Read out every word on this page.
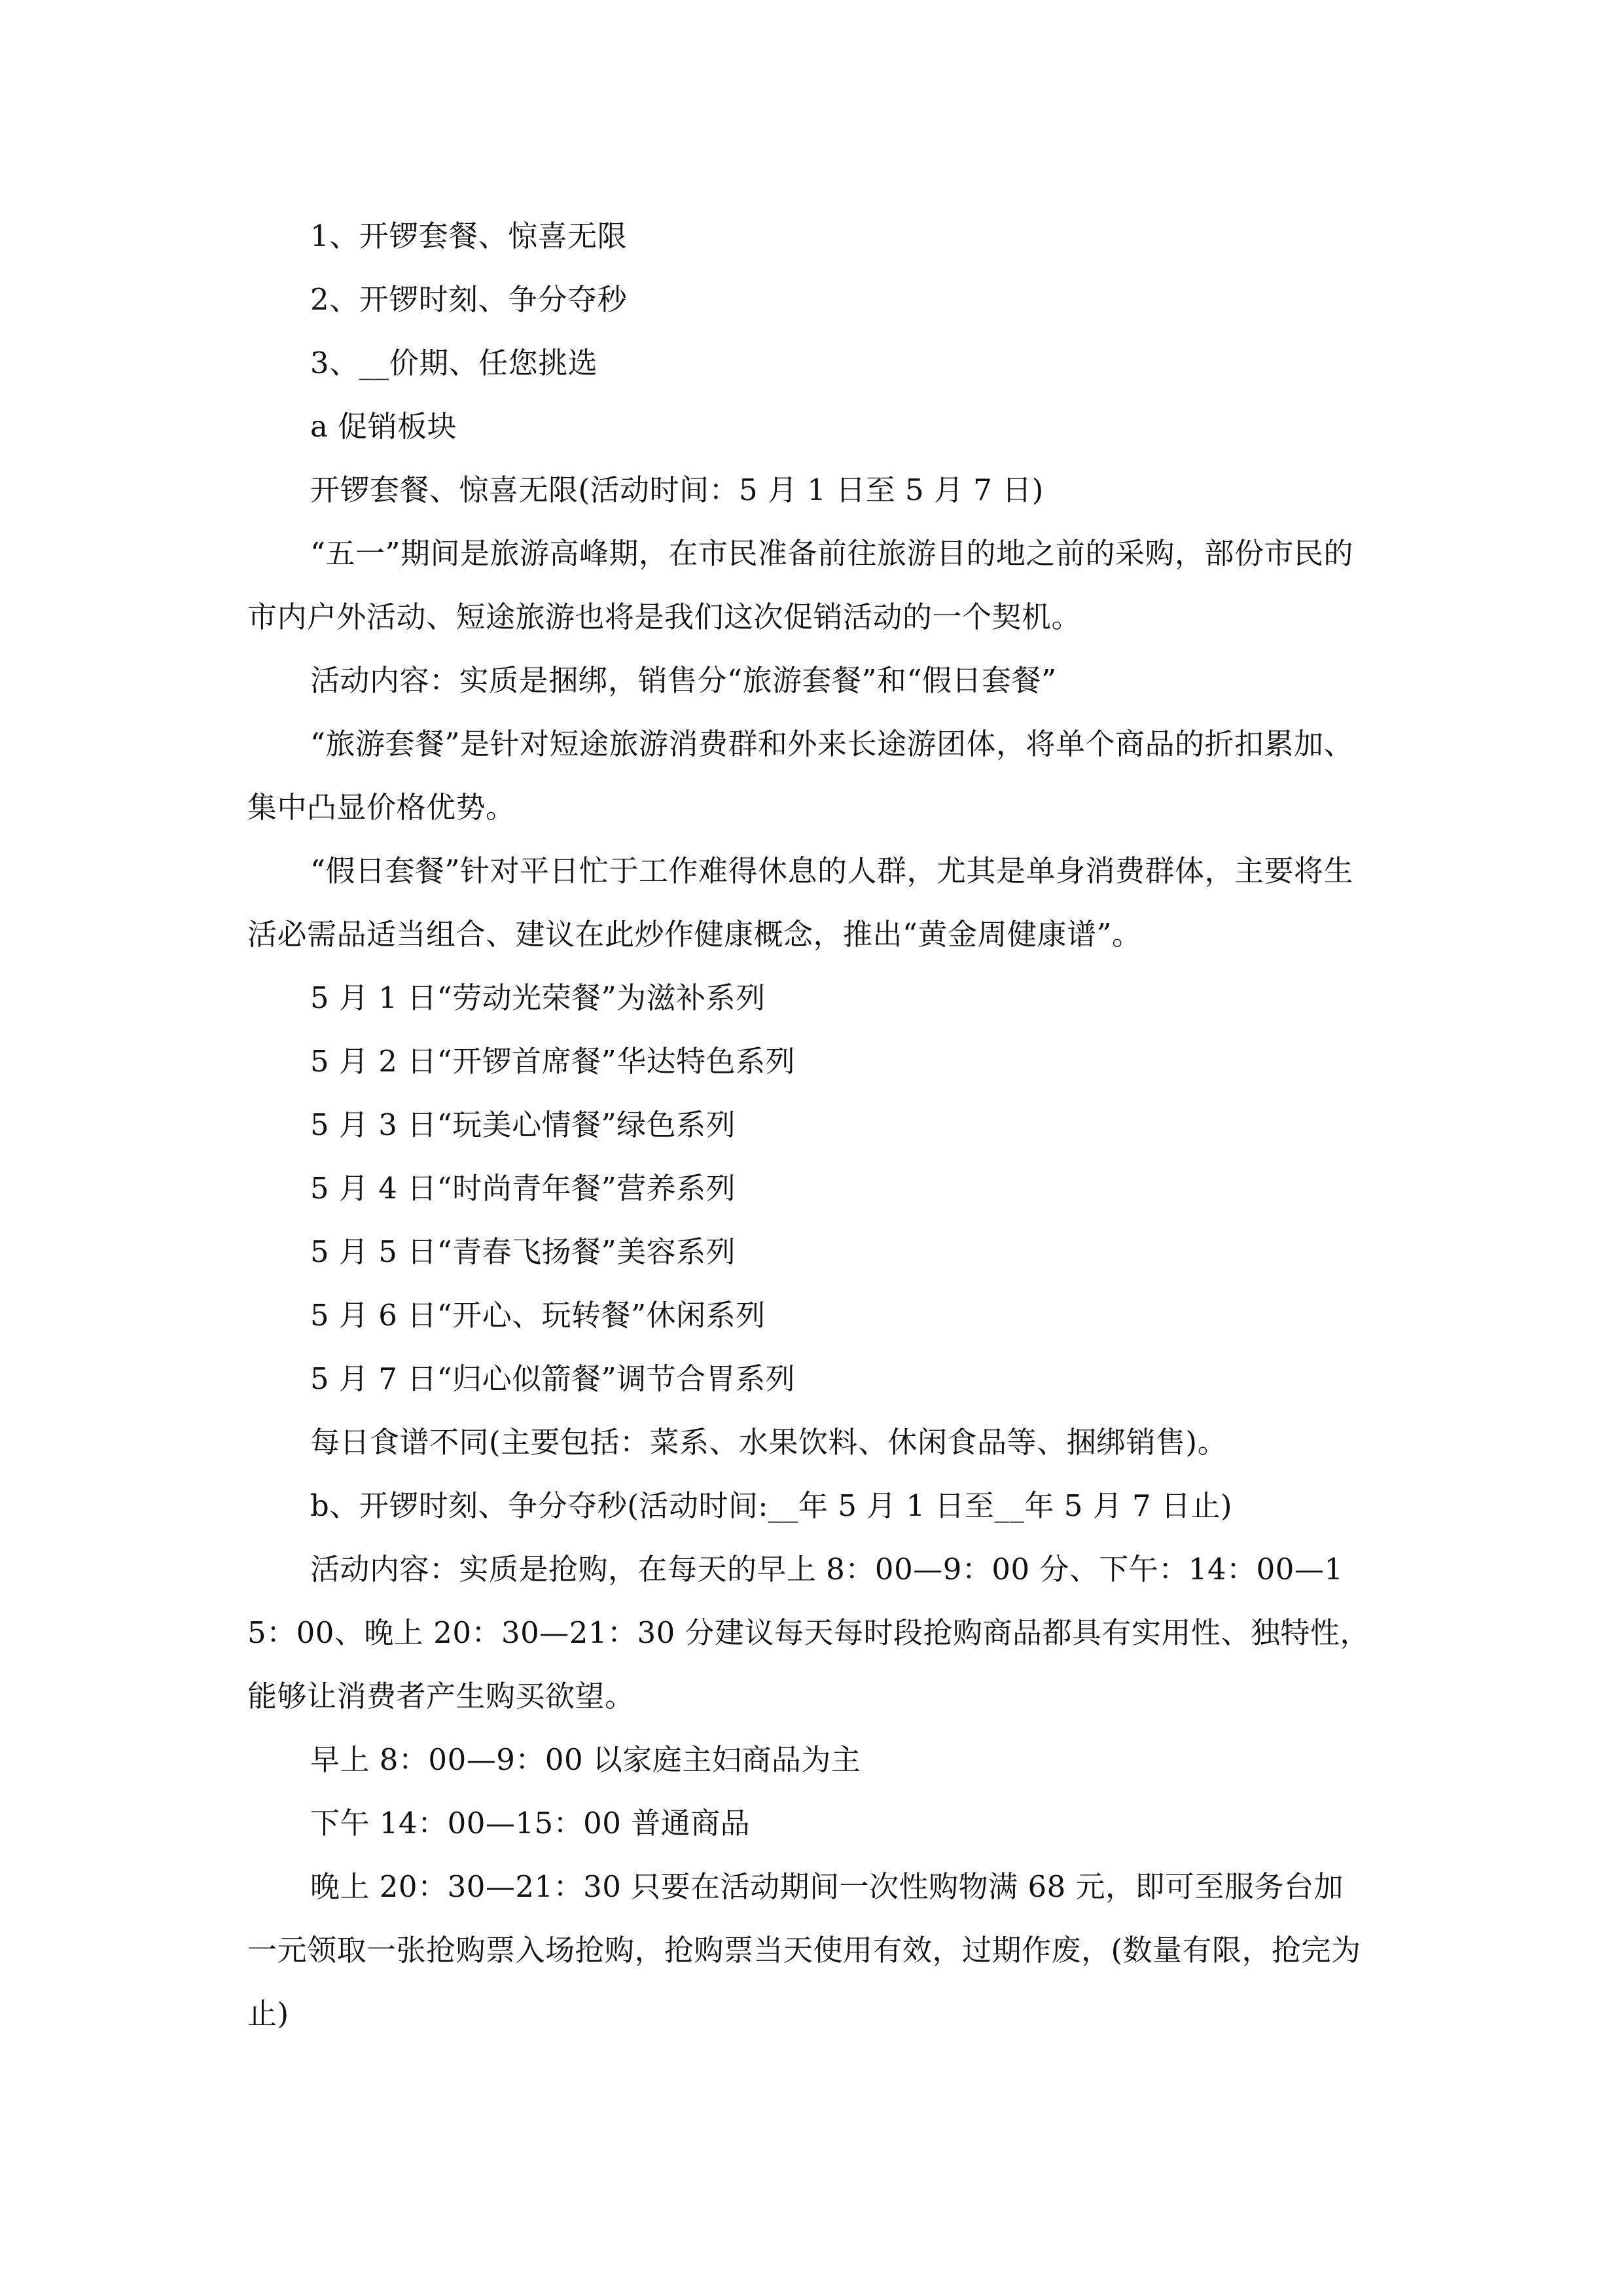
1、开锣套餐、惊喜无限

2、开锣时刻、争分夺秒

3、__价期、任您挑选

a 促销板块

开锣套餐、惊喜无限(活动时间：5 月 1 日至 5 月 7 日)

“五一”期间是旅游高峰期，在市民准备前往旅游目的地之前的采购，部份市民的市内户外活动、短途旅游也将是我们这次促销活动的一个契机。

活动内容：实质是捆绑，销售分“旅游套餐”和“假日套餐”

“旅游套餐”是针对短途旅游消费群和外来长途游团体，将单个商品的折扣累加、集中凸显价格优势。

“假日套餐”针对平日忙于工作难得休息的人群，尤其是单身消费群体，主要将生活必需品适当组合、建议在此炒作健康概念，推出“黄金周健康谱”。

5 月 1 日“劳动光荣餐”为滋补系列

5 月 2 日“开锣首席餐”华达特色系列

5 月 3 日“玩美心情餐”绿色系列

5 月 4 日“时尚青年餐”营养系列

5 月 5 日“青春飞扬餐”美容系列

5 月 6 日“开心、玩转餐”休闲系列

5 月 7 日“归心似箭餐”调节合胃系列

每日食谱不同(主要包括：菜系、水果饮料、休闲食品等、捆绑销售)。

b、开锣时刻、争分夺秒(活动时间:__年 5 月 1 日至__年 5 月 7 日止)

活动内容：实质是抢购，在每天的早上 8：00—9：00 分、下午：14：00—15：00、晚上 20：30—21：30 分建议每天每时段抢购商品都具有实用性、独特性，能够让消费者产生购买欲望。

早上 8：00—9：00 以家庭主妇商品为主

下午 14：00—15：00 普通商品

晚上 20：30—21：30 只要在活动期间一次性购物满 68 元，即可至服务台加一元领取一张抢购票入场抢购，抢购票当天使用有效，过期作废，(数量有限，抢完为止)
